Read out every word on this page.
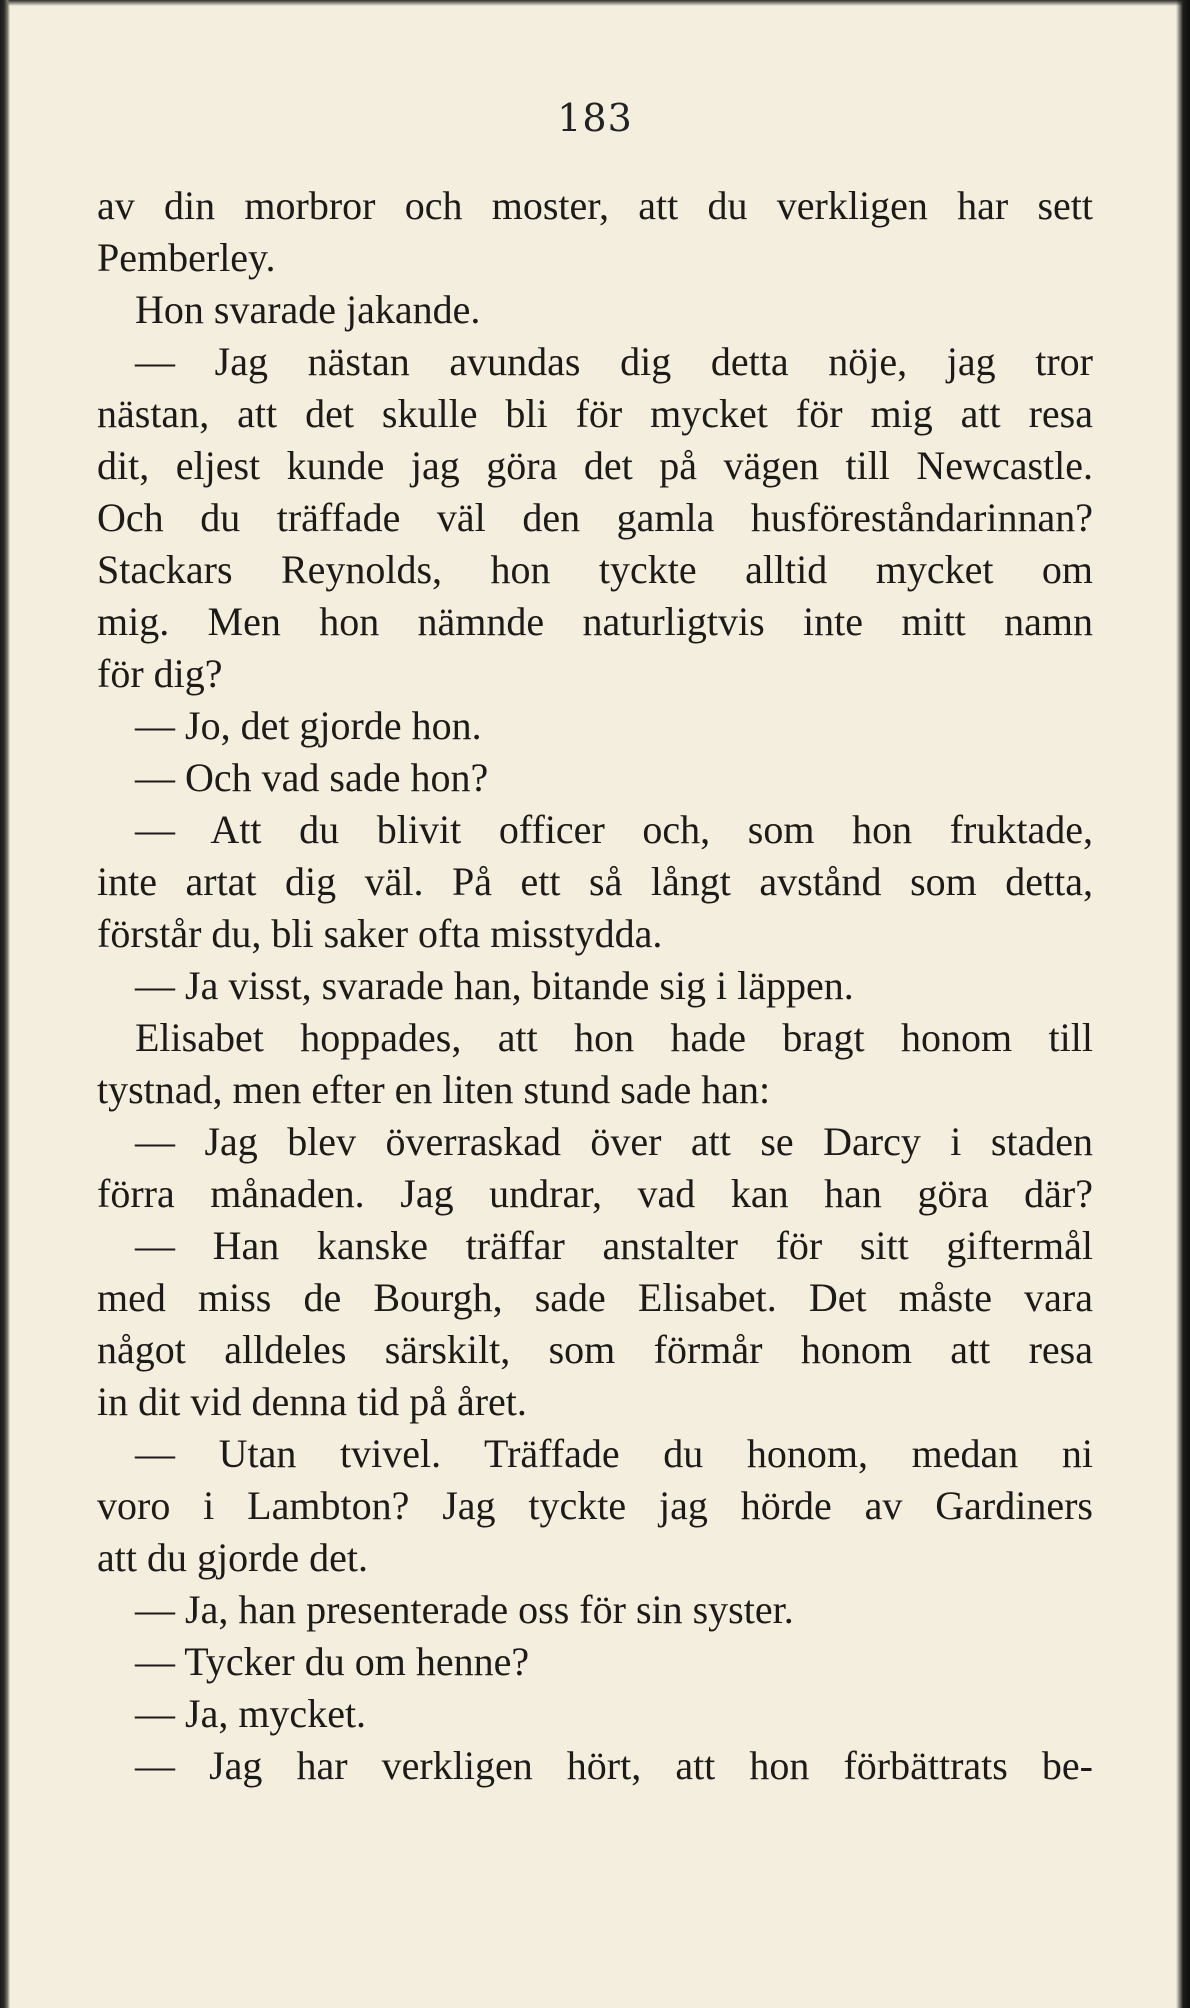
183
av din morbror och moster, att du verkligen har sett
Pemberley.
Hon svarade jakande.
— Jag nästan avundas dig detta nöje, jag tror
nästan, att det skulle bli för mycket för mig att resa
dit, eljest kunde jag göra det på vägen till Newcastle.
Och du träffade väl den gamla husföreståndarinnan?
Stackars Reynolds, hon tyckte alltid mycket om
mig. Men hon nämnde naturligtvis inte mitt namn
för dig?
— Jo, det gjorde hon.
— Och vad sade hon?
— Att du blivit officer och, som hon fruktade,
inte artat dig väl. På ett så långt avstånd som detta,
förstår du, bli saker ofta misstydda.
— Ja visst, svarade han, bitande sig i läppen.
Elisabet hoppades, att hon hade bragt honom till
tystnad, men efter en liten stund sade han:
— Jag blev överraskad över att se Darcy i staden
förra månaden. Jag undrar, vad kan han göra där?
— Han kanske träffar anstalter för sitt giftermål
med miss de Bourgh, sade Elisabet. Det måste vara
något alldeles särskilt, som förmår honom att resa
in dit vid denna tid på året.
— Utan tvivel. Träffade du honom, medan ni
voro i Lambton? Jag tyckte jag hörde av Gardiners
att du gjorde det.
— Ja, han presenterade oss för sin syster.
— Tycker du om henne?
— Ja, mycket.
— Jag har verkligen hört, att hon förbättrats be-
